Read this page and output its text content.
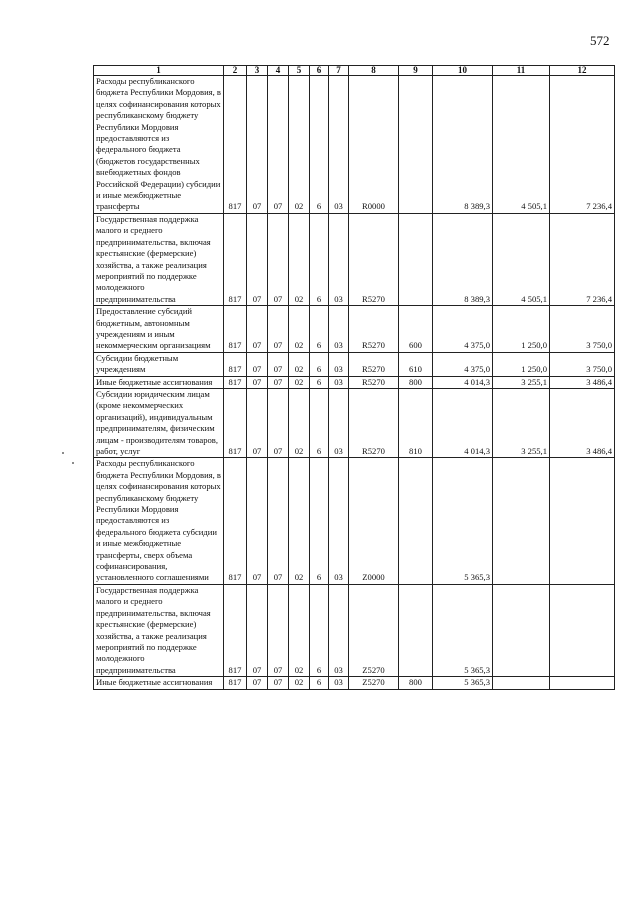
572
1	2	3	4	5	6	7	8	9	10	11	12
Расходы республиканского бюджета Республики Мордовия, в целях софинансирования которых республиканскому бюджету Республики Мордовия предоставляются из федерального бюджета (бюджетов государственных внебюджетных фондов Российской Федерации) субсидии и иные межбюджетные трансферты	817	07	07	02	6	03	R0000		8 389,3	4 505,1	7 236,4
Государственная поддержка малого и среднего предпринимательства, включая крестьянские (фермерские) хозяйства, а также реализация мероприятий по поддержке молодежного предпринимательства	817	07	07	02	6	03	R5270		8 389,3	4 505,1	7 236,4
Предоставление субсидий бюджетным, автономным учреждениям и иным некоммерческим организациям	817	07	07	02	6	03	R5270	600	4 375,0	1 250,0	3 750,0
Субсидии бюджетным учреждениям	817	07	07	02	6	03	R5270	610	4 375,0	1 250,0	3 750,0
Иные бюджетные ассигнования	817	07	07	02	6	03	R5270	800	4 014,3	3 255,1	3 486,4
Субсидии юридическим лицам (кроме некоммерческих организаций), индивидуальным предпринимателям, физическим лицам - производителям товаров, работ, услуг	817	07	07	02	6	03	R5270	810	4 014,3	3 255,1	3 486,4
Расходы республиканского бюджета Республики Мордовия, в целях софинансирования которых республиканскому бюджету Республики Мордовия предоставляются из федерального бюджета субсидии и иные межбюджетные трансферты, сверх объема софинансирования, установленного соглашениями	817	07	07	02	6	03	Z0000		5 365,3		
Государственная поддержка малого и среднего предпринимательства, включая крестьянские (фермерские) хозяйства, а также реализация мероприятий по поддержке молодежного предпринимательства	817	07	07	02	6	03	Z5270		5 365,3		
Иные бюджетные ассигнования	817	07	07	02	6	03	Z5270	800	5 365,3		
